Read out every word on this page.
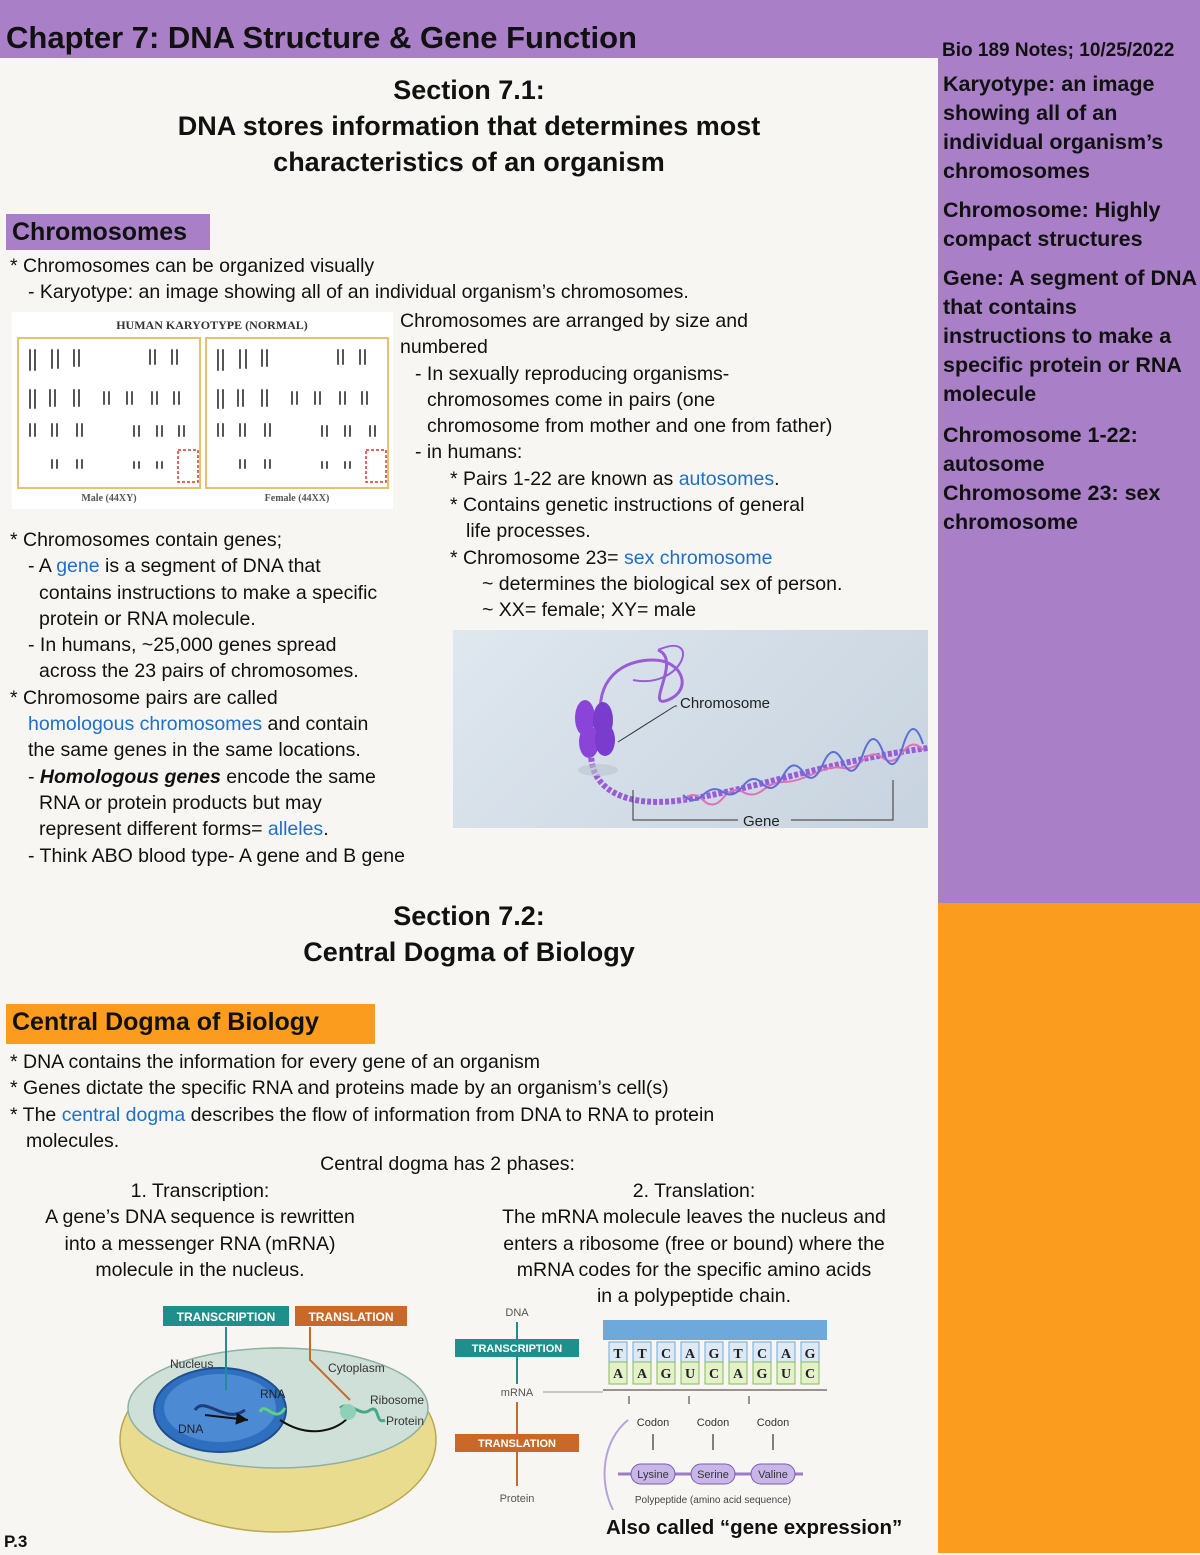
Chapter 7: DNA Structure & Gene Function	Bio 189 Notes; 10/25/2022

Karyotype: an image showing all of an individual organism’s chromosomes

Chromosome: Highly compact structures

Gene: A segment of DNA that contains instructions to make a specific protein or RNA molecule

Chromosome 1-22: autosome

Chromosome 23: sex chromosome

Section 7.1:
DNA stores information that determines most
characteristics of an organism
Chromosomes
* Chromosomes can be organized visually
- Karyotype: an image showing all of an individual organism’s chromosomes.
HUMAN KARYOTYPE (NORMAL)
Male (44XY)	Female (44XX)
Chromosomes are arranged by size and
numbered
- In sexually reproducing organisms-
chromosomes come in pairs (one
chromosome from mother and one from father)
- in humans:
* Pairs 1-22 are known as autosomes.
* Contains genetic instructions of general
life processes.
* Chromosome 23= sex chromosome
~ determines the biological sex of person.
~ XX= female; XY= male
* Chromosomes contain genes;
- A gene is a segment of DNA that
contains instructions to make a specific
protein or RNA molecule.
- In humans, ~25,000 genes spread
across the 23 pairs of chromosomes.
* Chromosome pairs are called
homologous chromosomes and contain
the same genes in the same locations.
- Homologous genes encode the same
RNA or protein products but may
represent different forms= alleles.
- Think ABO blood type- A gene and B gene
Chromosome
Gene
Section 7.2:
Central Dogma of Biology
Central Dogma of Biology
* DNA contains the information for every gene of an organism
* Genes dictate the specific RNA and proteins made by an organism’s cell(s)
* The central dogma describes the flow of information from DNA to RNA to protein
molecules.
Central dogma has 2 phases:
1. Transcription:
A gene’s DNA sequence is rewritten
into a messenger RNA (mRNA)
molecule in the nucleus.
2. Translation:
The mRNA molecule leaves the nucleus and
enters a ribosome (free or bound) where the
mRNA codes for the specific amino acids
in a polypeptide chain.
TRANSCRIPTION	TRANSLATION
Nucleus	Cytoplasm
RNA
DNA
Ribosome
Protein
DNA
TRANSCRIPTION
mRNA
TRANSLATION
Protein
T T C A G T C A G
A A G U C A G U C
Codon	Codon	Codon
Lysine	Serine	Valine
Polypeptide (amino acid sequence)
Also called “gene expression”
P.3
